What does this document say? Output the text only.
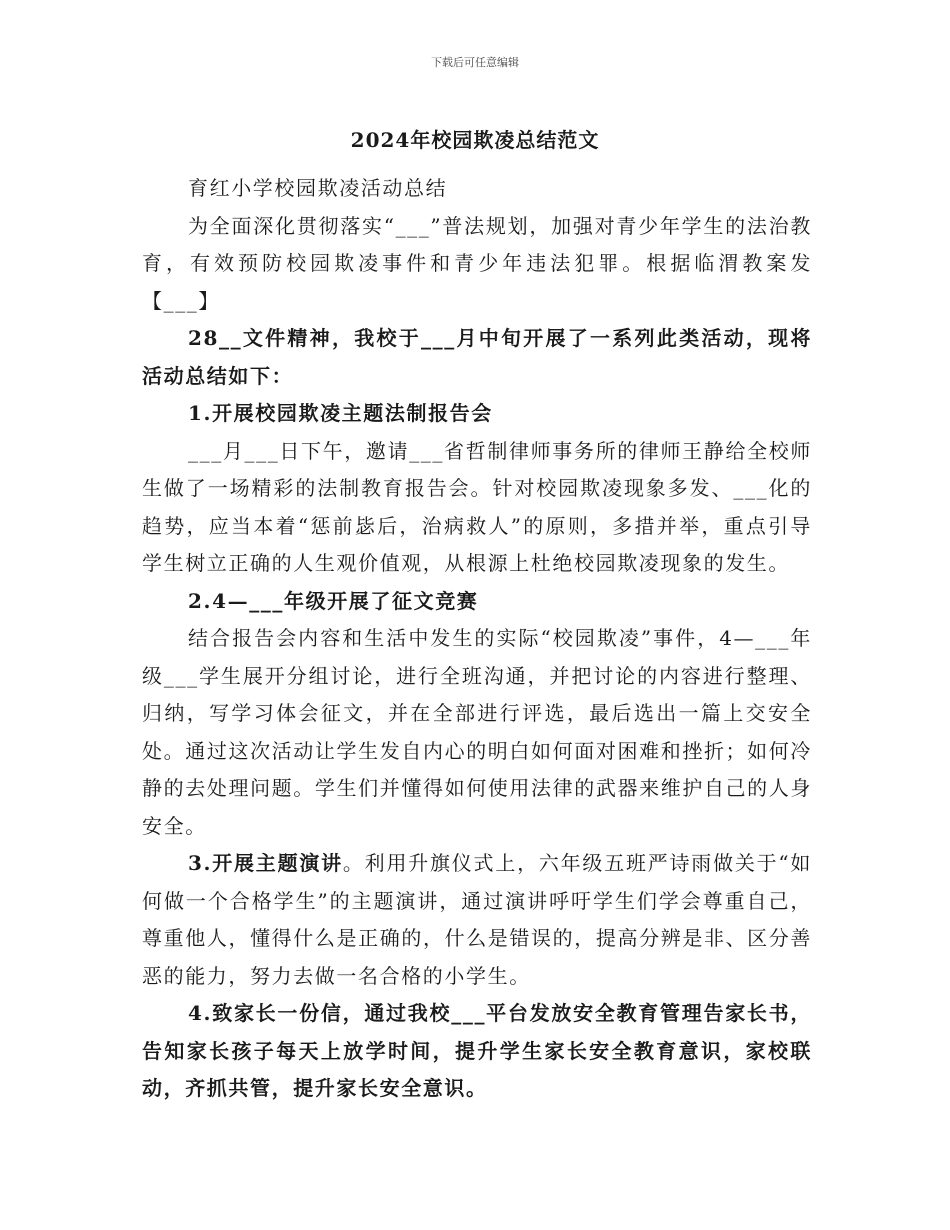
下载后可任意编辑
2024年校园欺凌总结范文

育红小学校园欺凌活动总结

为全面深化贯彻落实“___”普法规划，加强对青少年学生的法治教育，有效预防校园欺凌事件和青少年违法犯罪。根据临渭教案发【___】

28__文件精神，我校于___月中旬开展了一系列此类活动，现将活动总结如下：

1.开展校园欺凌主题法制报告会

___月___日下午，邀请___省哲制律师事务所的律师王静给全校师生做了一场精彩的法制教育报告会。针对校园欺凌现象多发、___化的趋势，应当本着“惩前毖后，治病救人”的原则，多措并举，重点引导学生树立正确的人生观价值观，从根源上杜绝校园欺凌现象的发生。

2.4—___年级开展了征文竞赛

结合报告会内容和生活中发生的实际“校园欺凌”事件，4—___年级___学生展开分组讨论，进行全班沟通，并把讨论的内容进行整理、归纳，写学习体会征文，并在全部进行评选，最后选出一篇上交安全处。通过这次活动让学生发自内心的明白如何面对困难和挫折；如何冷静的去处理问题。学生们并懂得如何使用法律的武器来维护自己的人身安全。

3.开展主题演讲。利用升旗仪式上，六年级五班严诗雨做关于“如何做一个合格学生”的主题演讲，通过演讲呼吁学生们学会尊重自己，尊重他人，懂得什么是正确的，什么是错误的，提高分辨是非、区分善恶的能力，努力去做一名合格的小学生。

4.致家长一份信，通过我校___平台发放安全教育管理告家长书，告知家长孩子每天上放学时间，提升学生家长安全教育意识，家校联动，齐抓共管，提升家长安全意识。
